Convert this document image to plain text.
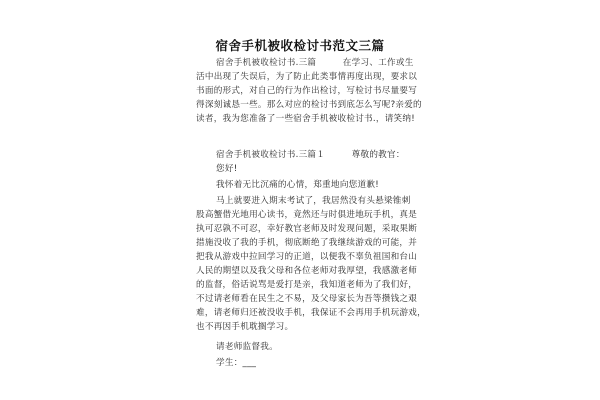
宿舍手机被收检讨书范文三篇
宿舍手机被收检讨书.三篇　　　在学习、工作或生
活中出现了失误后，为了防止此类事情再度出现，要求以
书面的形式，对自己的行为作出检讨，写检讨书尽量要写
得深刻诚恳一些。那么对应的检讨书到底怎么写呢?亲爱的
读者，我为您准备了一些宿舍手机被收检讨书.，请笑纳!
宿舍手机被收检讨书.三篇１　　　尊敬的教官：
您好!
我怀着无比沉痛的心情，郑重地向您道歉!
马上就要进入期末考试了，我居然没有头悬梁锥刺
股高蟹借光地用心读书，竟然还与时俱进地玩手机，真是
执可忍孰不可忍，幸好教官老师及时发现问题，采取果断
措施没收了我的手机，彻底断绝了我继续游戏的可能，并
把我从游戏中拉回学习的正道，以便我不辜负祖国和台山
人民的期望以及我父母和各位老师对我厚望，我感激老师
的监督，俗话说骂是爱打是亲，我知道老师为了我们好，
不过请老师看在民生之不易，及父母家长为吾等攒钱之艰
难，请老师归还被没收手机，我保证不会再用手机玩游戏，
也不再因手机耽搁学习。
请老师监督我。
学生：___
